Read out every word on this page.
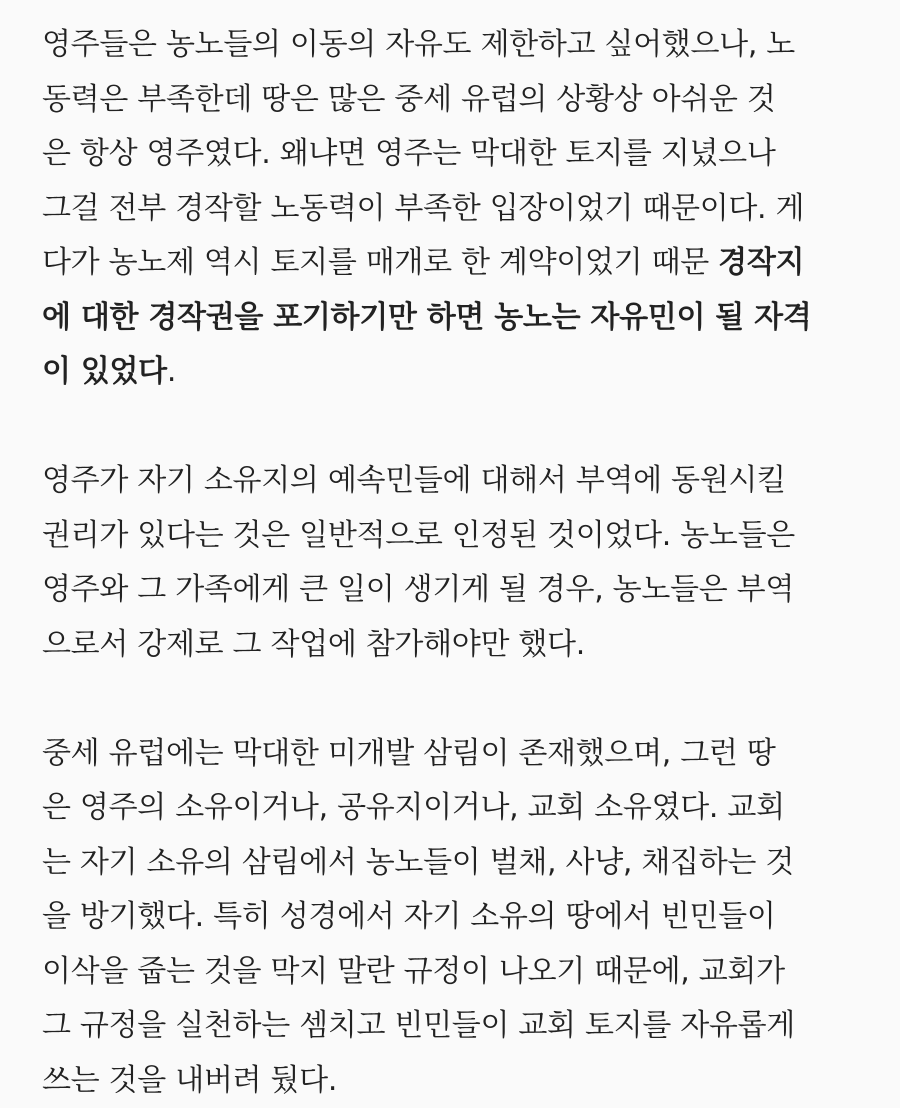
영주들은 농노들의 이동의 자유도 제한하고 싶어했으나, 노
동력은 부족한데 땅은 많은 중세 유럽의 상황상 아쉬운 것
은 항상 영주였다. 왜냐면 영주는 막대한 토지를 지녔으나
그걸 전부 경작할 노동력이 부족한 입장이었기 때문이다. 게
다가 농노제 역시 토지를 매개로 한 계약이었기 때문 경작지
에 대한 경작권을 포기하기만 하면 농노는 자유민이 될 자격
이 있었다.

영주가 자기 소유지의 예속민들에 대해서 부역에 동원시킬
권리가 있다는 것은 일반적으로 인정된 것이었다. 농노들은
영주와 그 가족에게 큰 일이 생기게 될 경우, 농노들은 부역
으로서 강제로 그 작업에 참가해야만 했다.

중세 유럽에는 막대한 미개발 삼림이 존재했으며, 그런 땅
은 영주의 소유이거나, 공유지이거나, 교회 소유였다. 교회
는 자기 소유의 삼림에서 농노들이 벌채, 사냥, 채집하는 것
을 방기했다. 특히 성경에서 자기 소유의 땅에서 빈민들이
이삭을 줍는 것을 막지 말란 규정이 나오기 때문에, 교회가
그 규정을 실천하는 셈치고 빈민들이 교회 토지를 자유롭게
쓰는 것을 내버려 뒀다.
